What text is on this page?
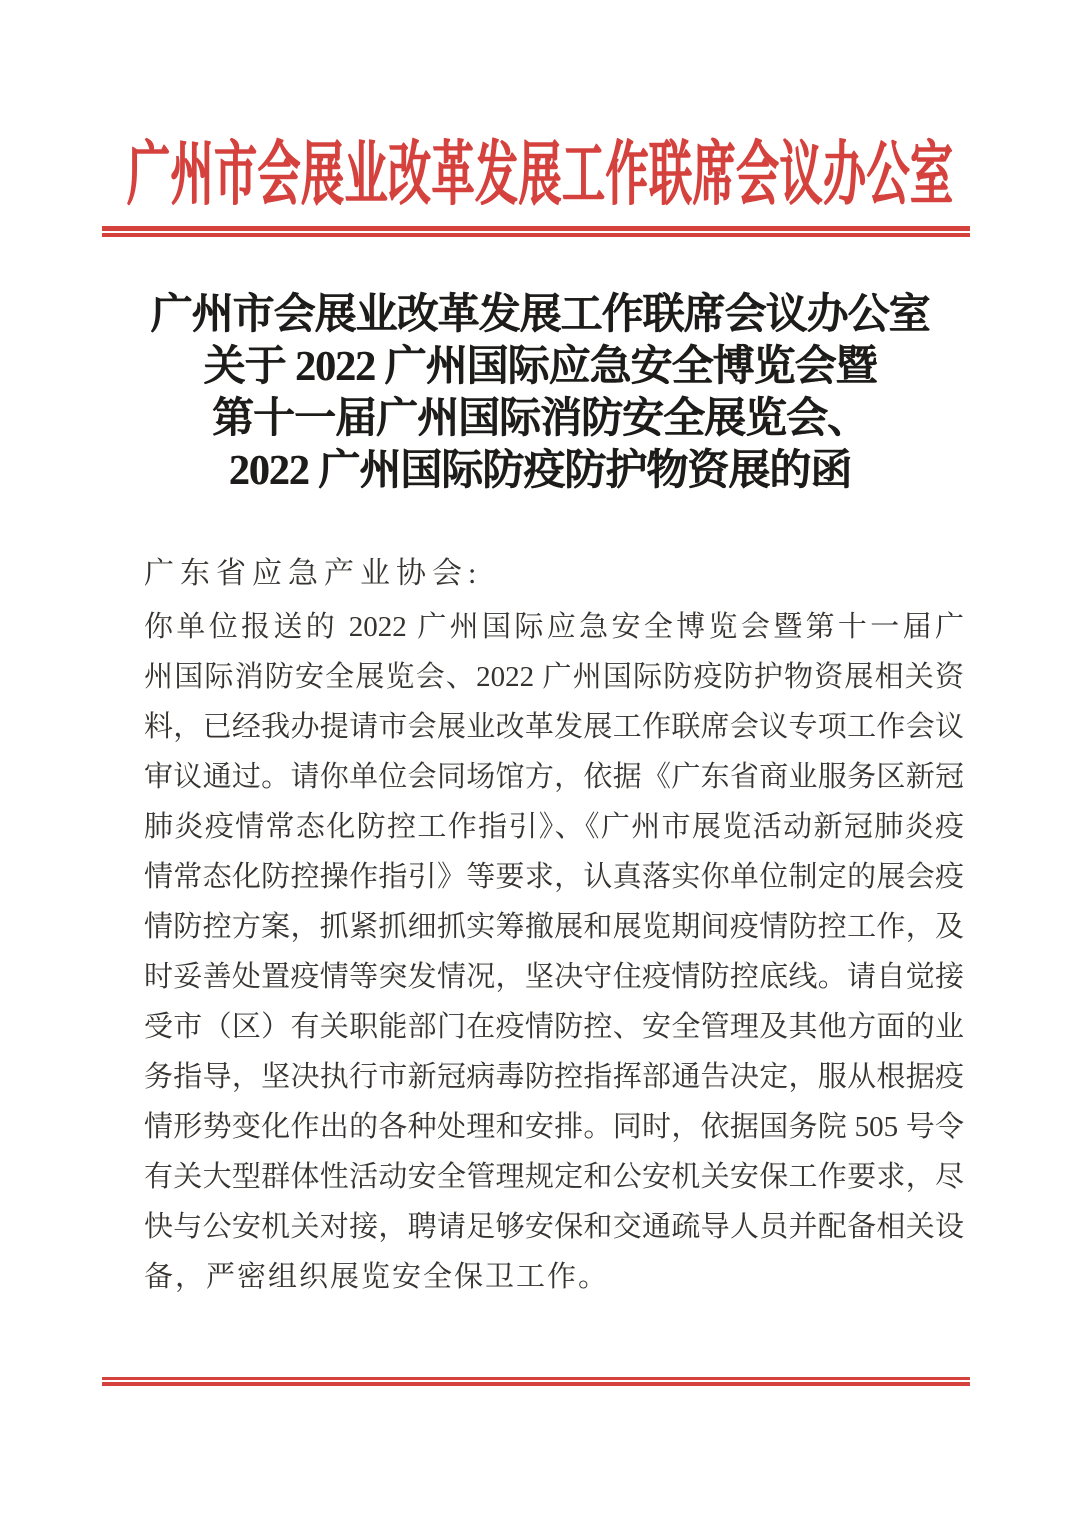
广州市会展业改革发展工作联席会议办公室
广州市会展业改革发展工作联席会议办公室
关于 2022 广州国际应急安全博览会暨
第十一届广州国际消防安全展览会、
2022 广州国际防疫防护物资展的函
广东省应急产业协会:
你单位报送的 2022 广州国际应急安全博览会暨第十一届广
州国际消防安全展览会、2022 广州国际防疫防护物资展相关资
料，已经我办提请市会展业改革发展工作联席会议专项工作会议
审议通过。请你单位会同场馆方，依据《广东省商业服务区新冠
肺炎疫情常态化防控工作指引》、《广州市展览活动新冠肺炎疫
情常态化防控操作指引》等要求，认真落实你单位制定的展会疫
情防控方案，抓紧抓细抓实筹撤展和展览期间疫情防控工作，及
时妥善处置疫情等突发情况，坚决守住疫情防控底线。请自觉接
受市（区）有关职能部门在疫情防控、安全管理及其他方面的业
务指导，坚决执行市新冠病毒防控指挥部通告决定，服从根据疫
情形势变化作出的各种处理和安排。同时，依据国务院 505 号令
有关大型群体性活动安全管理规定和公安机关安保工作要求，尽
快与公安机关对接，聘请足够安保和交通疏导人员并配备相关设
备，严密组织展览安全保卫工作。
